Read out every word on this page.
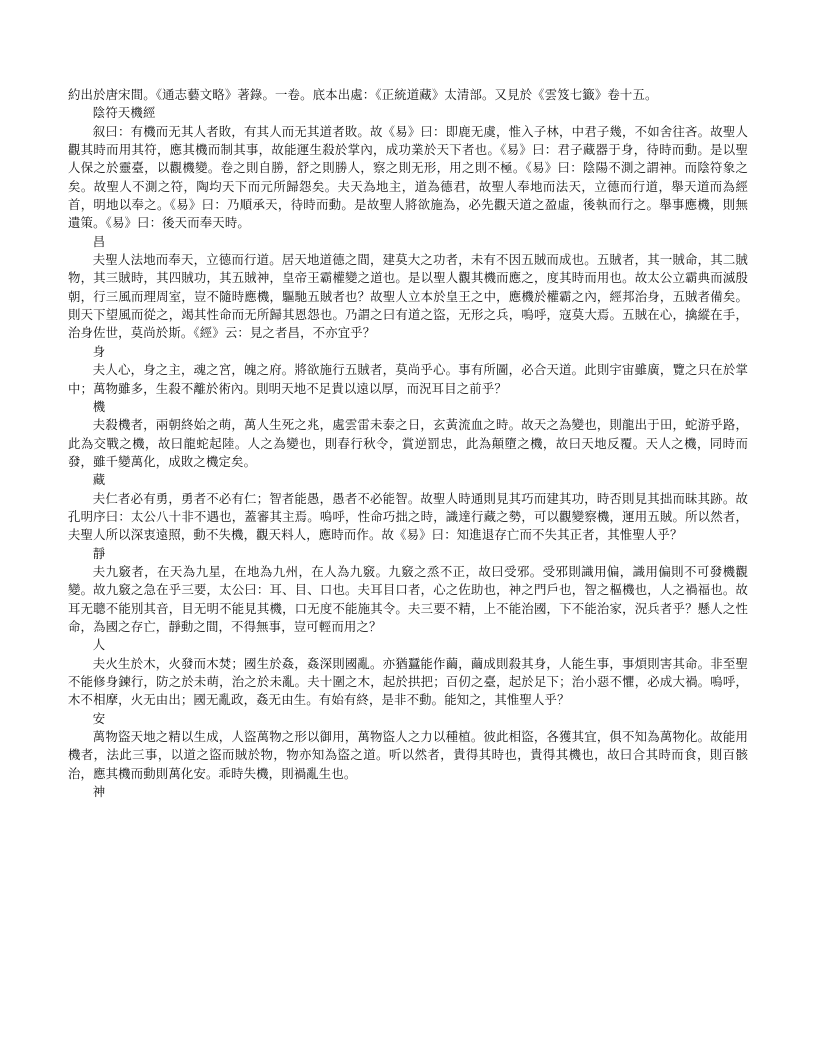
約出於唐宋間。《通志藝文略》著錄。一卷。底本出處：《正統道藏》太清部。又見於《雲笈七籤》卷十五。

陰符天機經

叙曰：有機而无其人者敗，有其人而无其道者敗。故《易》曰：即鹿无虞，惟入子林，中君子幾，不如舍往吝。故聖人觀其時而用其符，應其機而制其事，故能運生殺於掌內，成功業於天下者也。《易》曰：君子藏器于身，待時而動。是以聖人保之於靈臺，以觀機變。卷之則自勝，舒之則勝人，察之則无形，用之則不極。《易》曰：陰陽不測之謂神。而陰符象之矣。故聖人不測之符，陶均天下而元所歸怨矣。夫天為地主，道為德君，故聖人奉地而法天，立德而行道，舉天道而為經首，明地以奉之。《易》曰：乃順承天，待時而動。是故聖人將欲施為，必先觀天道之盈虛，後執而行之。舉事應機，則無遺策。《易》曰：後天而奉天時。

昌

夫聖人法地而奉天，立德而行道。居天地道德之間，建莫大之功者，未有不因五賊而成也。五賊者，其一賊命，其二賊物，其三賊時，其四賊功，其五賊神，皇帝王霸權變之道也。是以聖人觀其機而應之，度其時而用也。故太公立霸典而滅殷朝，行三風而理周室，豈不隨時應機，驅馳五賊者也？故聖人立本於皇王之中，應機於權霸之內，經邦治身，五賊者備矣。則天下望風而從之，竭其性命而无所歸其恩怨也。乃謂之曰有道之盜，无形之兵，嗚呼，寇莫大焉。五賊在心，擒縱在手，治身佐世，莫尚於斯。《經》云：見之者昌，不亦宜乎？

身

夫人心，身之主，魂之宮，魄之府。將欲施行五賊者，莫尚乎心。事有所圖，必合天道。此則宇宙雖廣，覽之只在於掌中；萬物雖多，生殺不離於術內。則明天地不足貴以遠以厚，而況耳目之前乎？

機

夫殺機者，兩朝終始之萌，萬人生死之兆，處雲雷未泰之日，玄黃流血之時。故天之為變也，則龍出于田，蛇游乎路，此為交戰之機，故曰龍蛇起陸。人之為變也，則春行秋令，賞逆罰忠，此為顛墮之機，故曰天地反覆。天人之機，同時而發，雖千變萬化，成敗之機定矣。

藏

夫仁者必有勇，勇者不必有仁；智者能愚，愚者不必能智。故聖人時通則見其巧而建其功，時否則見其拙而昧其跡。故孔明序曰：太公八十非不遇也，蓋審其主焉。嗚呼，性命巧拙之時，識達行藏之勢，可以觀變察機，運用五賊。所以然者，夫聖人所以深衷遠照，動不失機，觀天料人，應時而作。故《易》曰：知進退存亡而不失其正者，其惟聖人乎？

靜

夫九竅者，在天為九星，在地為九州，在人為九竅。九竅之烝不正，故曰受邪。受邪則識用偏，識用偏則不可發機觀變。故九竅之急在乎三要，太公曰：耳、目、口也。夫耳目口者，心之佐助也，神之門戶也，智之樞機也，人之禍福也。故耳无聰不能別其音，目无明不能見其機，口无度不能施其令。夫三要不精，上不能治國，下不能治家，況兵者乎？懸人之性命，為國之存亡，靜動之間，不得無事，豈可輕而用之？

人

夫火生於木，火發而木焚；國生於姦，姦深則國亂。亦猶蠶能作繭，繭成則殺其身，人能生事，事煩則害其命。非至聖不能修身鍊行，防之於未萌，治之於未亂。夫十圍之木，起於拱把；百仞之臺，起於足下；治小惡不懼，必成大禍。嗚呼，木不相摩，火无由出；國无亂政，姦无由生。有始有終，是非不動。能知之，其惟聖人乎？

安

萬物盜天地之精以生成，人盜萬物之形以御用，萬物盜人之力以種植。彼此相盜，各獲其宜，俱不知為萬物化。故能用機者，法此三事，以道之盜而賊於物，物亦知為盜之道。听以然者，貴得其時也，貴得其機也，故曰合其時而食，則百骸治，應其機而動則萬化安。乖時失機，則禍亂生也。

神
